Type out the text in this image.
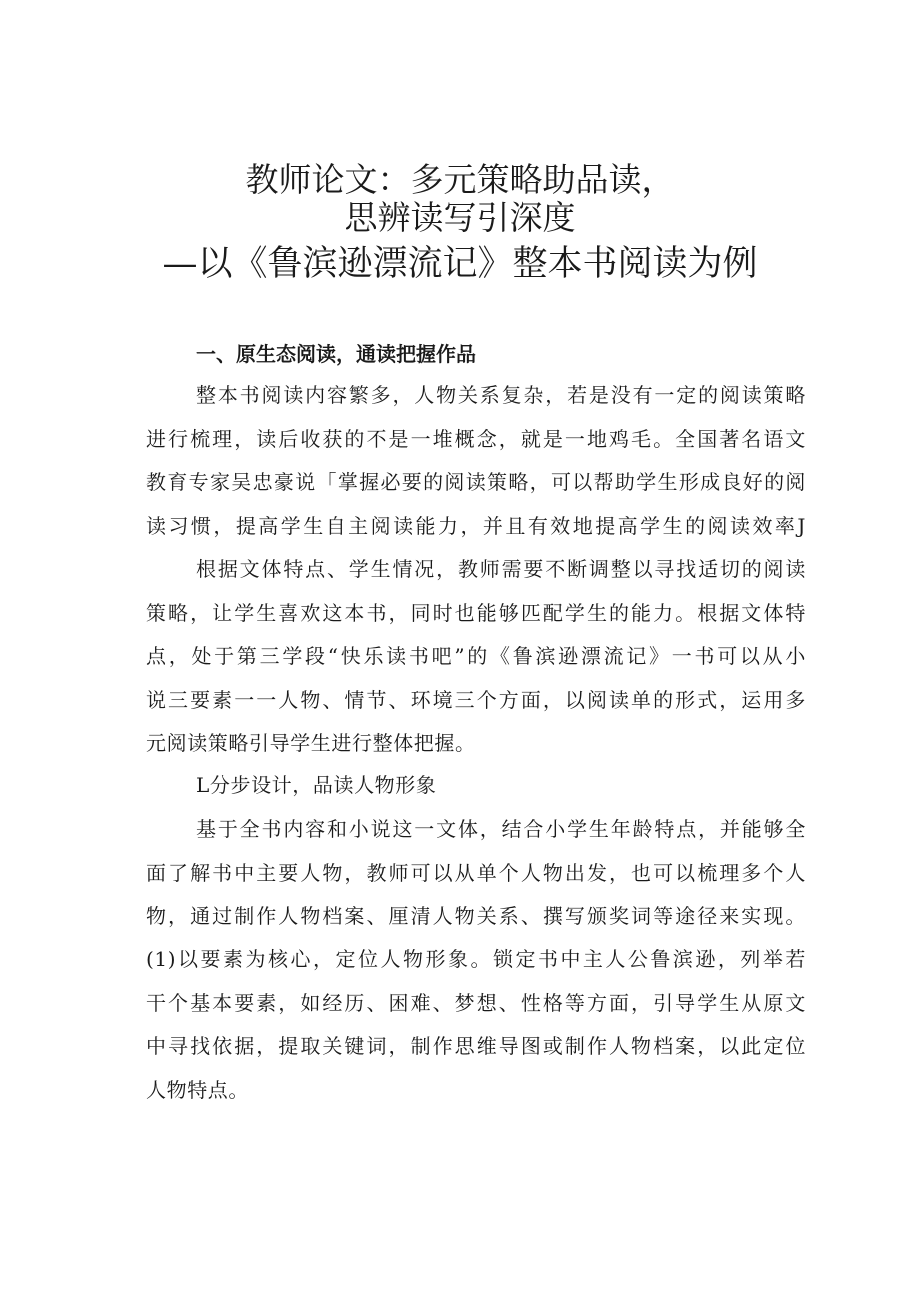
教师论文：多元策略助品读，
思辨读写引深度
—以《鲁滨逊漂流记》整本书阅读为例
一、原生态阅读，通读把握作品

整本书阅读内容繁多，人物关系复杂，若是没有一定的阅读策略
进行梳理，读后收获的不是一堆概念，就是一地鸡毛。全国著名语文
教育专家吴忠豪说「掌握必要的阅读策略，可以帮助学生形成良好的阅
读习惯，提高学生自主阅读能力，并且有效地提高学生的阅读效率J

根据文体特点、学生情况，教师需要不断调整以寻找适切的阅读
策略，让学生喜欢这本书，同时也能够匹配学生的能力。根据文体特
点，处于第三学段“快乐读书吧”的《鲁滨逊漂流记》一书可以从小
说三要素一一人物、情节、环境三个方面，以阅读单的形式，运用多
元阅读策略引导学生进行整体把握。

L分步设计，品读人物形象

基于全书内容和小说这一文体，结合小学生年龄特点，并能够全
面了解书中主要人物，教师可以从单个人物出发，也可以梳理多个人
物，通过制作人物档案、厘清人物关系、撰写颁奖词等途径来实现。

(1)以要素为核心，定位人物形象。锁定书中主人公鲁滨逊，列举若
干个基本要素，如经历、困难、梦想、性格等方面，引导学生从原文
中寻找依据，提取关键词，制作思维导图或制作人物档案，以此定位
人物特点。
